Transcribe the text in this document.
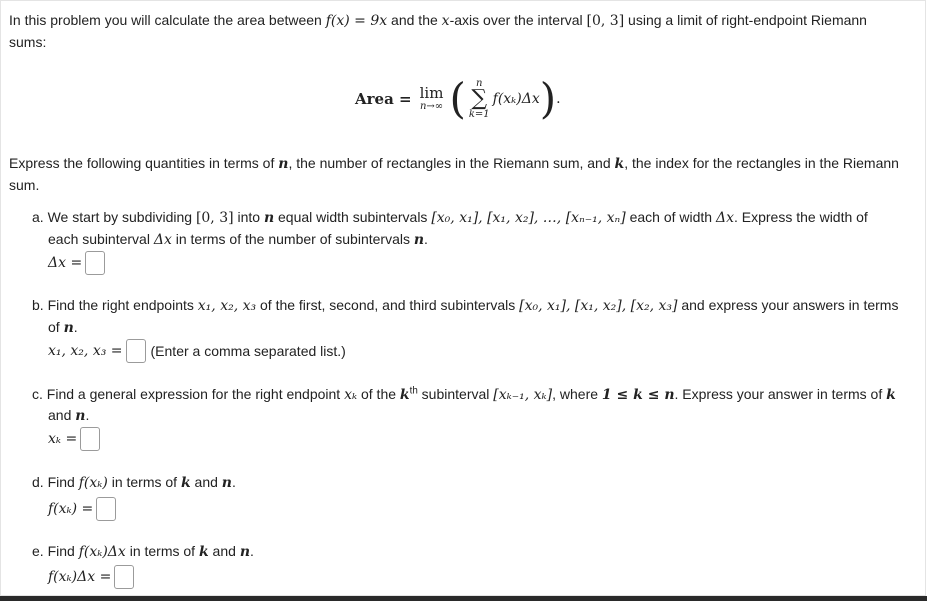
In this problem you will calculate the area between f(x) = 9x and the x-axis over the interval [0, 3] using a limit of right-endpoint Riemann
sums:
Area = lim
n→∞ ( n
∑
k=1
f(xₖ)Δx ) .
Express the following quantities in terms of n, the number of rectangles in the Riemann sum, and k, the index for the rectangles in the Riemann
sum.
a. We start by subdividing [0, 3] into n equal width subintervals [x₀, x₁], [x₁, x₂], …, [xₙ₋₁, xₙ] each of width Δx. Express the width of
each subinterval Δx in terms of the number of subintervals n.
Δx =
b. Find the right endpoints x₁, x₂, x₃ of the first, second, and third subintervals [x₀, x₁], [x₁, x₂], [x₂, x₃] and express your answers in terms
of n.
x₁, x₂, x₃ = (Enter a comma separated list.)
c. Find a general expression for the right endpoint xₖ of the $k^{th}$ subinterval [xₖ₋₁, xₖ], where 1 ≤ k ≤ n. Express your answer in terms of k
and n.
xₖ =
d. Find f(xₖ) in terms of k and n.
f(xₖ) =
e. Find f(xₖ)Δx in terms of k and n.
f(xₖ)Δx =
